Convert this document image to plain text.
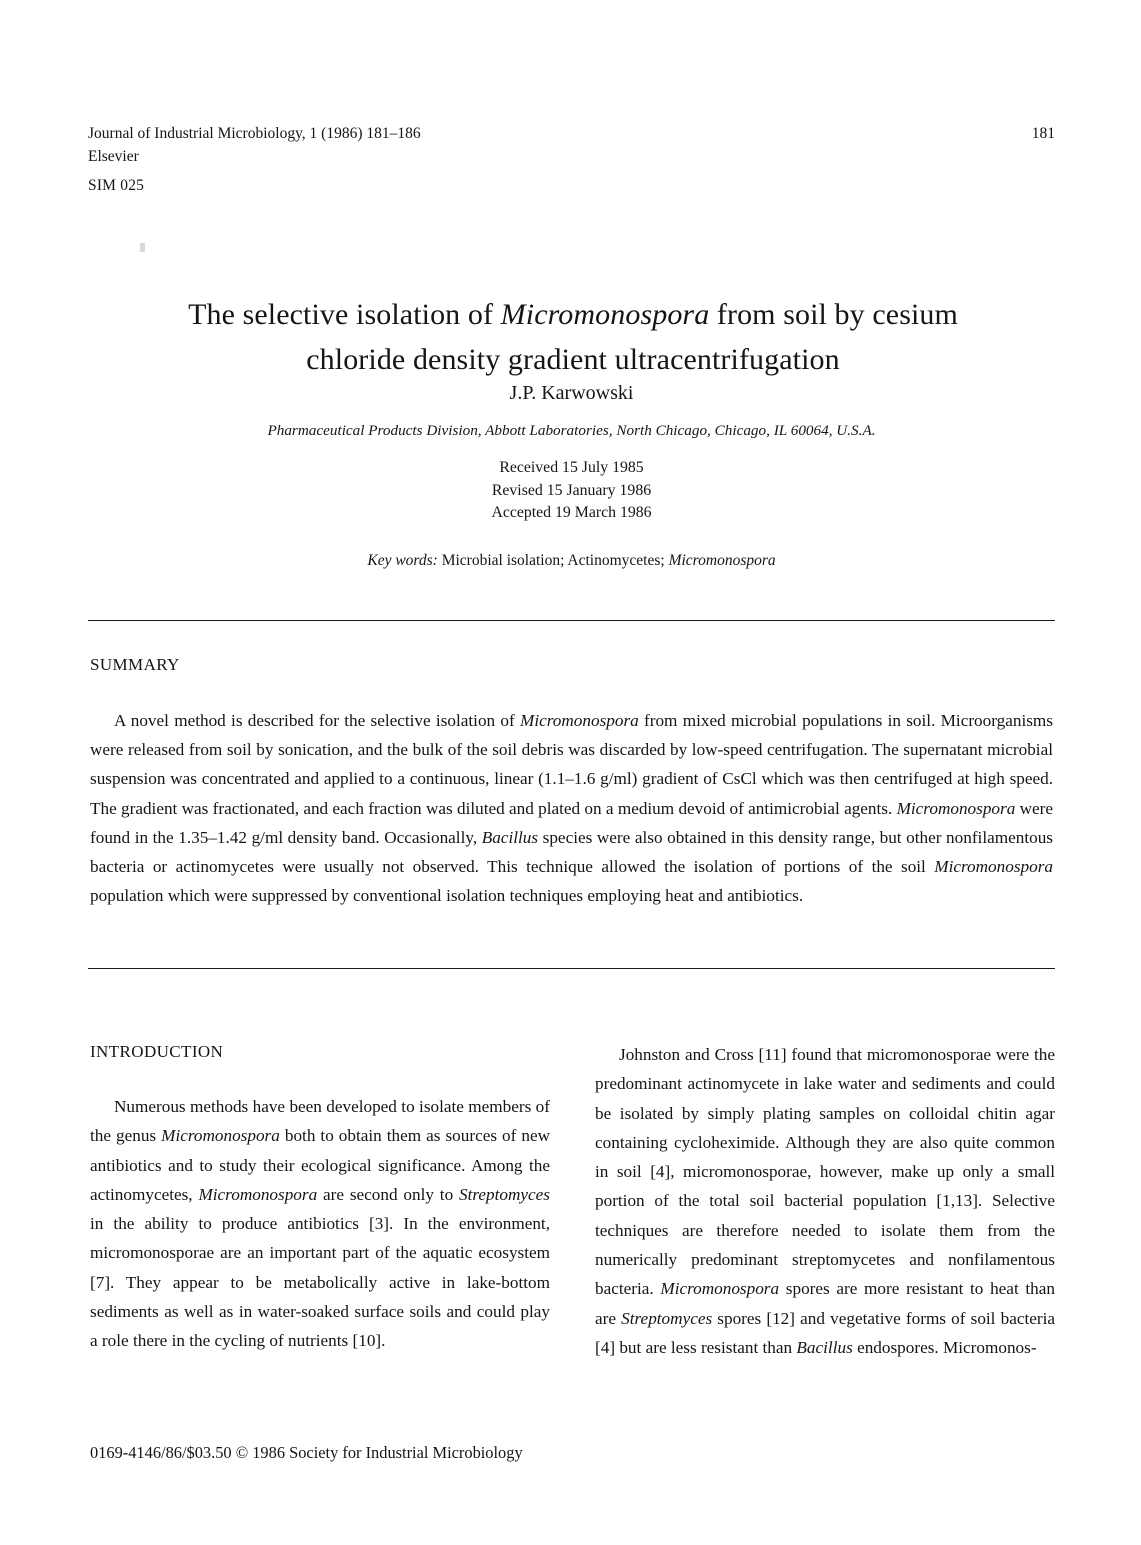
Journal of Industrial Microbiology, 1 (1986) 181–186
Elsevier
181
SIM 025
The selective isolation of Micromonospora from soil by cesium
chloride density gradient ultracentrifugation
J.P. Karwowski
Pharmaceutical Products Division, Abbott Laboratories, North Chicago, Chicago, IL 60064, U.S.A.
Received 15 July 1985
Revised 15 January 1986
Accepted 19 March 1986
Key words: Microbial isolation; Actinomycetes; Micromonospora
SUMMARY

A novel method is described for the selective isolation of Micromonospora from mixed microbial populations in soil. Microorganisms were released from soil by sonication, and the bulk of the soil debris was discarded by low-speed centrifugation. The supernatant microbial suspension was concentrated and applied to a continuous, linear (1.1–1.6 g/ml) gradient of CsCl which was then centrifuged at high speed. The gradient was fractionated, and each fraction was diluted and plated on a medium devoid of antimicrobial agents. Micromonospora were found in the 1.35–1.42 g/ml density band. Occasionally, Bacillus species were also obtained in this density range, but other nonfilamentous bacteria or actinomycetes were usually not observed. This technique allowed the isolation of portions of the soil Micromonospora population which were suppressed by conventional isolation techniques employing heat and antibiotics.

INTRODUCTION

Numerous methods have been developed to isolate members of the genus Micromonospora both to obtain them as sources of new antibiotics and to study their ecological significance. Among the actinomycetes, Micromonospora are second only to Streptomyces in the ability to produce antibiotics [3]. In the environment, micromonosporae are an important part of the aquatic ecosystem [7]. They appear to be metabolically active in lake-bottom sediments as well as in water-soaked surface soils and could play a role there in the cycling of nutrients [10].

Johnston and Cross [11] found that micromonosporae were the predominant actinomycete in lake water and sediments and could be isolated by simply plating samples on colloidal chitin agar containing cycloheximide. Although they are also quite common in soil [4], micromonosporae, however, make up only a small portion of the total soil bacterial population [1,13]. Selective techniques are therefore needed to isolate them from the numerically predominant streptomycetes and nonfilamentous bacteria. Micromonospora spores are more resistant to heat than are Streptomyces spores [12] and vegetative forms of soil bacteria [4] but are less resistant than Bacillus endospores. Micromonos-

0169-4146/86/$03.50 © 1986 Society for Industrial Microbiology
